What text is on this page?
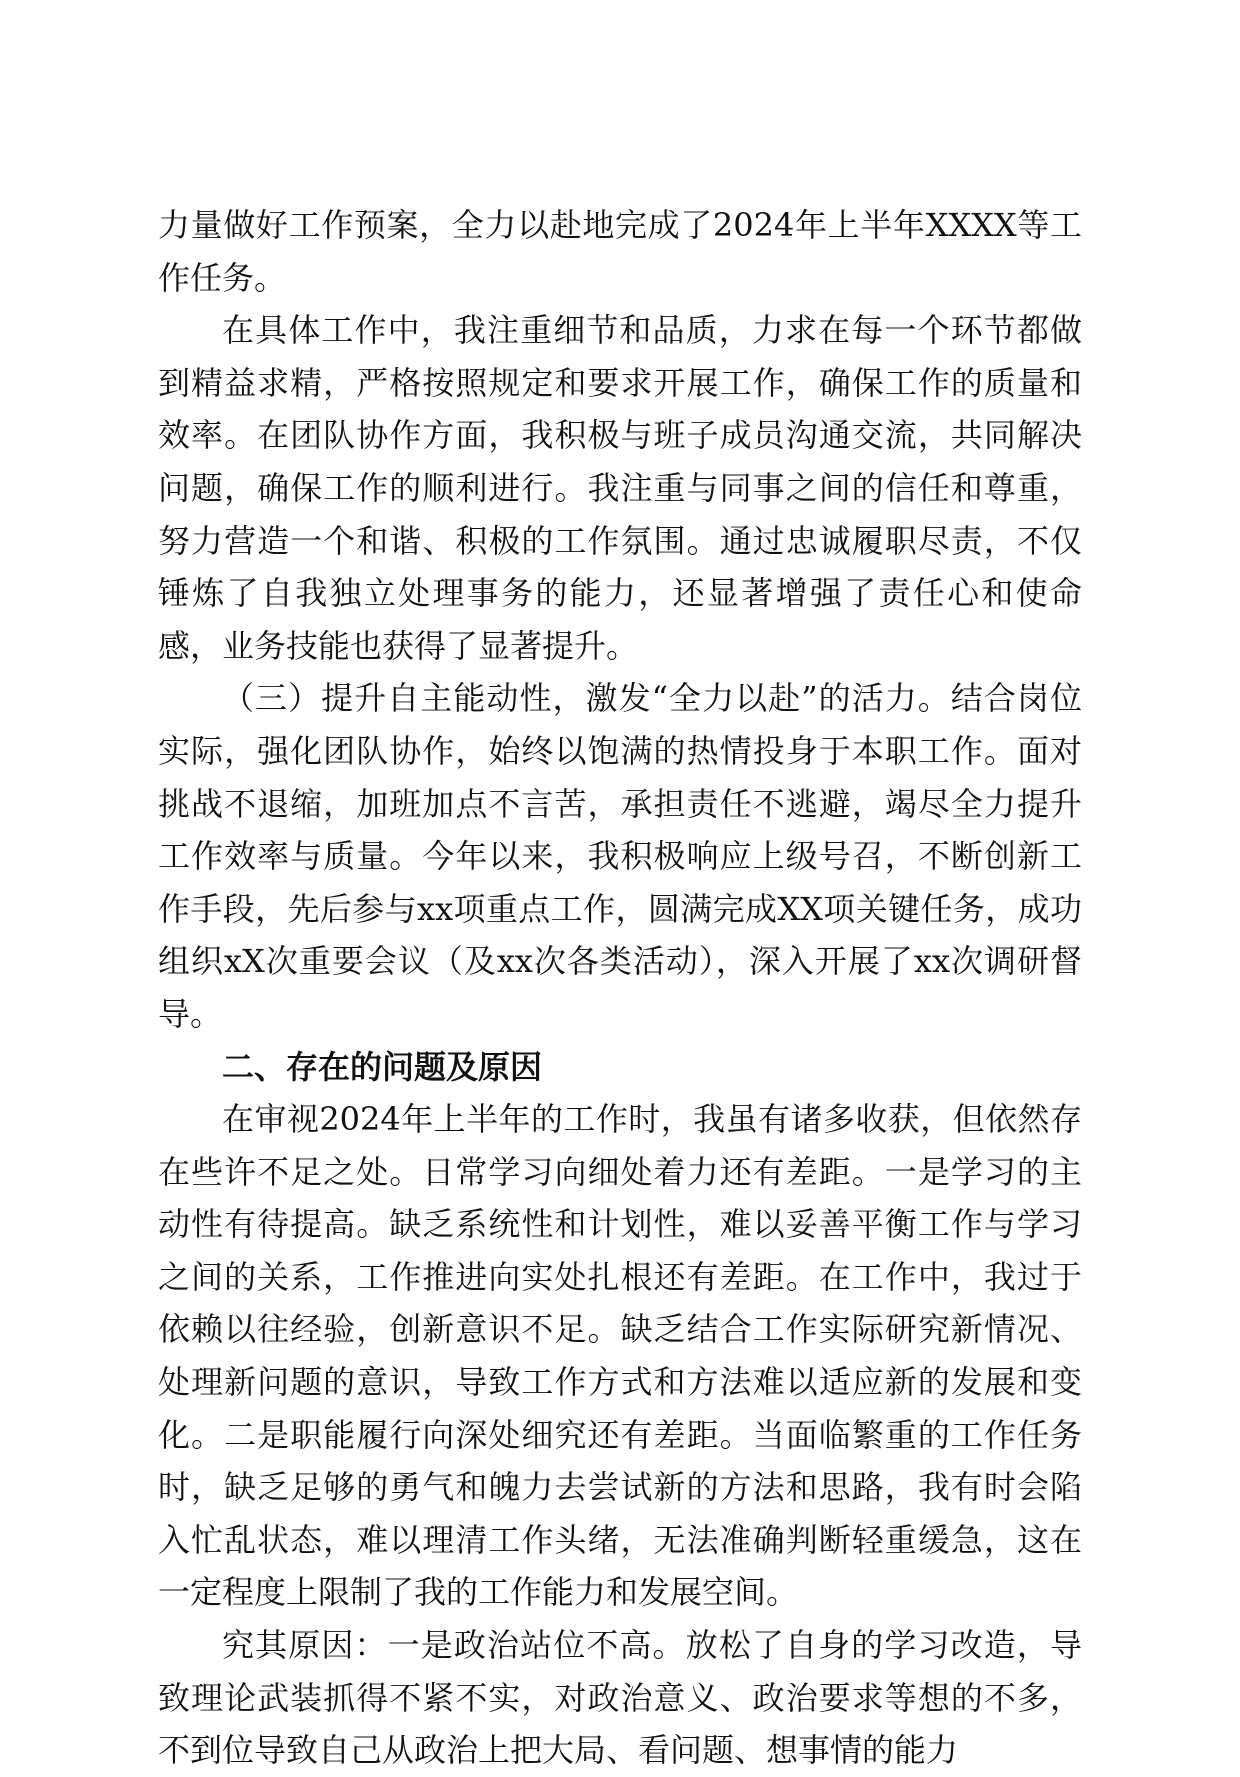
力量做好工作预案，全力以赴地完成了2024年上半年XXXX等工作任务。

在具体工作中，我注重细节和品质，力求在每一个环节都做到精益求精，严格按照规定和要求开展工作，确保工作的质量和效率。在团队协作方面，我积极与班子成员沟通交流，共同解决问题，确保工作的顺利进行。我注重与同事之间的信任和尊重，努力营造一个和谐、积极的工作氛围。通过忠诚履职尽责，不仅锤炼了自我独立处理事务的能力，还显著增强了责任心和使命感，业务技能也获得了显著提升。

（三）提升自主能动性，激发“全力以赴”的活力。结合岗位实际，强化团队协作，始终以饱满的热情投身于本职工作。面对挑战不退缩，加班加点不言苦，承担责任不逃避，竭尽全力提升工作效率与质量。今年以来，我积极响应上级号召，不断创新工作手段，先后参与xx项重点工作，圆满完成XX项关键任务，成功组织xX次重要会议（及xx次各类活动），深入开展了xx次调研督导。

二、存在的问题及原因

在审视2024年上半年的工作时，我虽有诸多收获，但依然存在些许不足之处。日常学习向细处着力还有差距。一是学习的主动性有待提高。缺乏系统性和计划性，难以妥善平衡工作与学习之间的关系，工作推进向实处扎根还有差距。在工作中，我过于依赖以往经验，创新意识不足。缺乏结合工作实际研究新情况、处理新问题的意识，导致工作方式和方法难以适应新的发展和变化。二是职能履行向深处细究还有差距。当面临繁重的工作任务时，缺乏足够的勇气和魄力去尝试新的方法和思路，我有时会陷入忙乱状态，难以理清工作头绪，无法准确判断轻重缓急，这在一定程度上限制了我的工作能力和发展空间。

究其原因：一是政治站位不高。放松了自身的学习改造，导致理论武装抓得不紧不实，对政治意义、政治要求等想的不多，不到位导致自己从政治上把大局、看问题、想事情的能力
